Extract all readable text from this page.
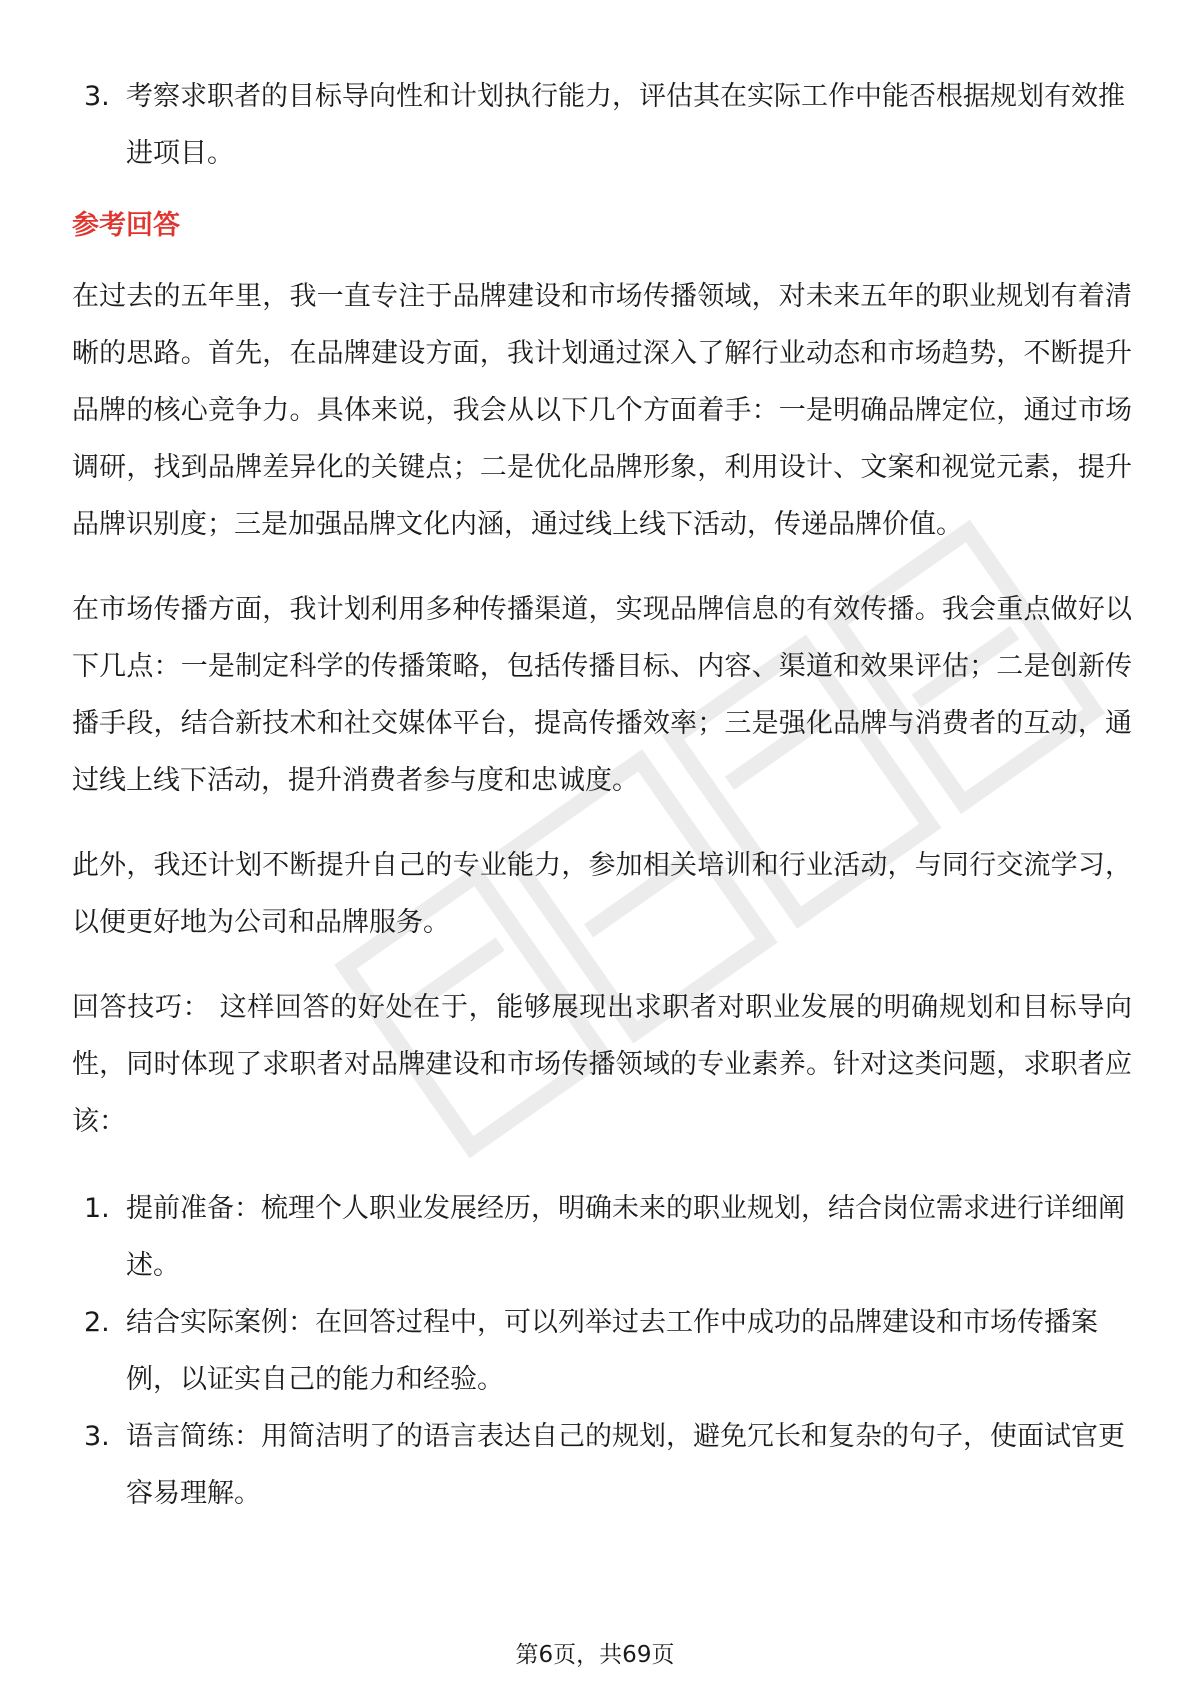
3. 考察求职者的目标导向性和计划执行能力，评估其在实际工作中能否根据规划有效推进项目。
参考回答

在过去的五年里，我一直专注于品牌建设和市场传播领域，对未来五年的职业规划有着清晰的思路。首先，在品牌建设方面，我计划通过深入了解行业动态和市场趋势，不断提升品牌的核心竞争力。具体来说，我会从以下几个方面着手：一是明确品牌定位，通过市场调研，找到品牌差异化的关键点；二是优化品牌形象，利用设计、文案和视觉元素，提升品牌识别度；三是加强品牌文化内涵，通过线上线下活动，传递品牌价值。

在市场传播方面，我计划利用多种传播渠道，实现品牌信息的有效传播。我会重点做好以下几点：一是制定科学的传播策略，包括传播目标、内容、渠道和效果评估；二是创新传播手段，结合新技术和社交媒体平台，提高传播效率；三是强化品牌与消费者的互动，通过线上线下活动，提升消费者参与度和忠诚度。

此外，我还计划不断提升自己的专业能力，参加相关培训和行业活动，与同行交流学习，以便更好地为公司和品牌服务。

回答技巧： 这样回答的好处在于，能够展现出求职者对职业发展的明确规划和目标导向性，同时体现了求职者对品牌建设和市场传播领域的专业素养。针对这类问题，求职者应该：

1. 提前准备：梳理个人职业发展经历，明确未来的职业规划，结合岗位需求进行详细阐述。
2. 结合实际案例：在回答过程中，可以列举过去工作中成功的品牌建设和市场传播案例，以证实自己的能力和经验。
3. 语言简练：用简洁明了的语言表达自己的规划，避免冗长和复杂的句子，使面试官更容易理解。
第6页，共69页
